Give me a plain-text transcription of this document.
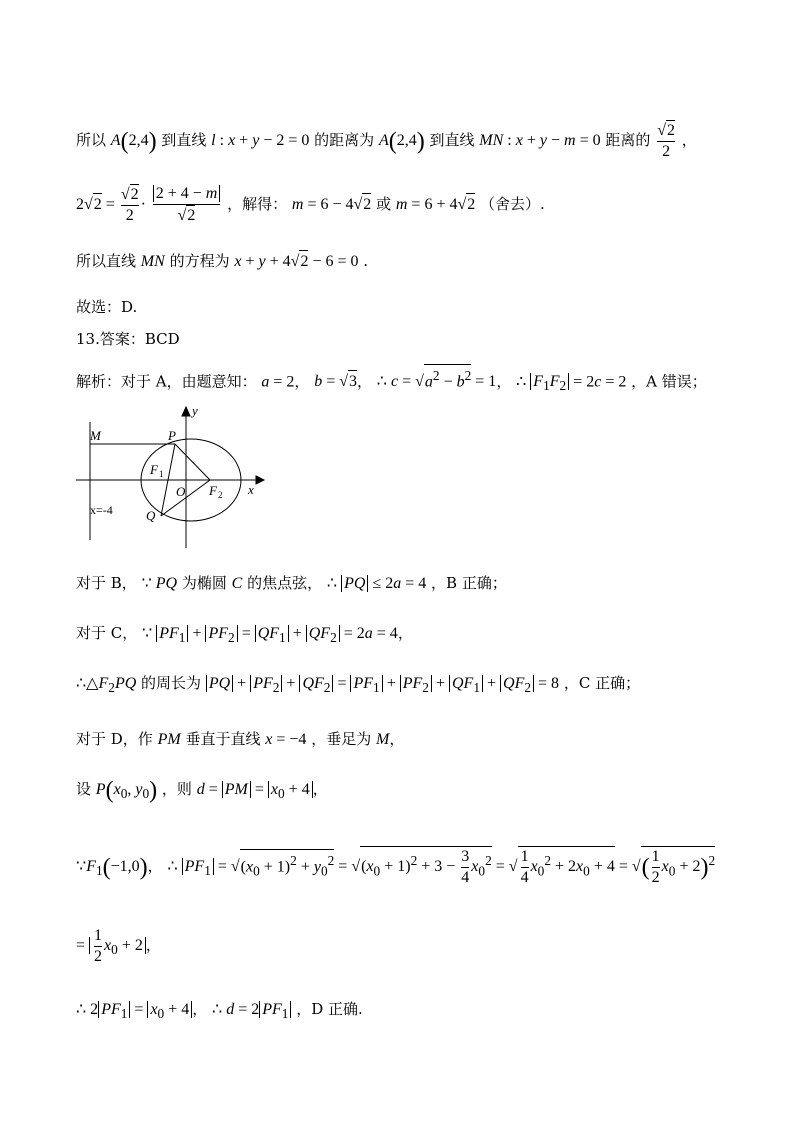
所以 A(2,4) 到直线 l : x + y − 2 = 0 的距离为 A(2,4) 到直线 MN : x + y − m = 0 距离的 $\frac{√2}{2}$ ，
$2√2 = \frac{√2}{2} \cdot \frac{2 + 4 - m}{√2}$ ，解得： m = 6 − 4√2 或 m = 6 + 4√2 （舍去）.
所以直线 MN 的方程为 x + y + 4√2 − 6 = 0 .
故选：D.
13.答案：BCD
解析：对于 A，由题意知： a = 2， b = √3， ∴ $c = √a^2 - b^2 = 1$， ∴ $F_1F_2 = 2c = 2$ ，A 错误；
y
x
M	P
F 1
O F 2
Q
x=-4
对于 B， ∵ PQ 为椭圆 C 的焦点弦， ∴ PQ ≤ 2a = 4 ，B 正确；
对于 C， ∵ $PF_1 + PF_2 = QF_1 + QF_2 = 2a = 4$，
$\therefore\triangle F_2PQ$ 的周长为 PQ + $PF_2 + QF_2 = PF_1 + PF_2 + QF_1 + QF_2 = 8$ ，C 正确；
对于 D，作 PM 垂直于直线 x = −4 ，垂足为 M，
设 $P(x_0$, $y_0$) ，则 d = PM = $x_0 + 4$ ，
$\because F_1(-1,0)$， ∴ $PF_1 = √(x_0 + 1)^2 + y_0^2 = √(x_0 + 1)^2 + 3 - \frac{3}{4} x_0^2$ = √ $\frac{1}{4} x_0^2 + 2x_0 + 4$ = √( $\frac{1}{2} x_0 + 2)^2$
= $\frac{1}{2} x_0 + 2$ ，
∴ 2 $PF_1 = x_0 + 4$ ， ∴ d = 2 $PF_1$ ，D 正确.
